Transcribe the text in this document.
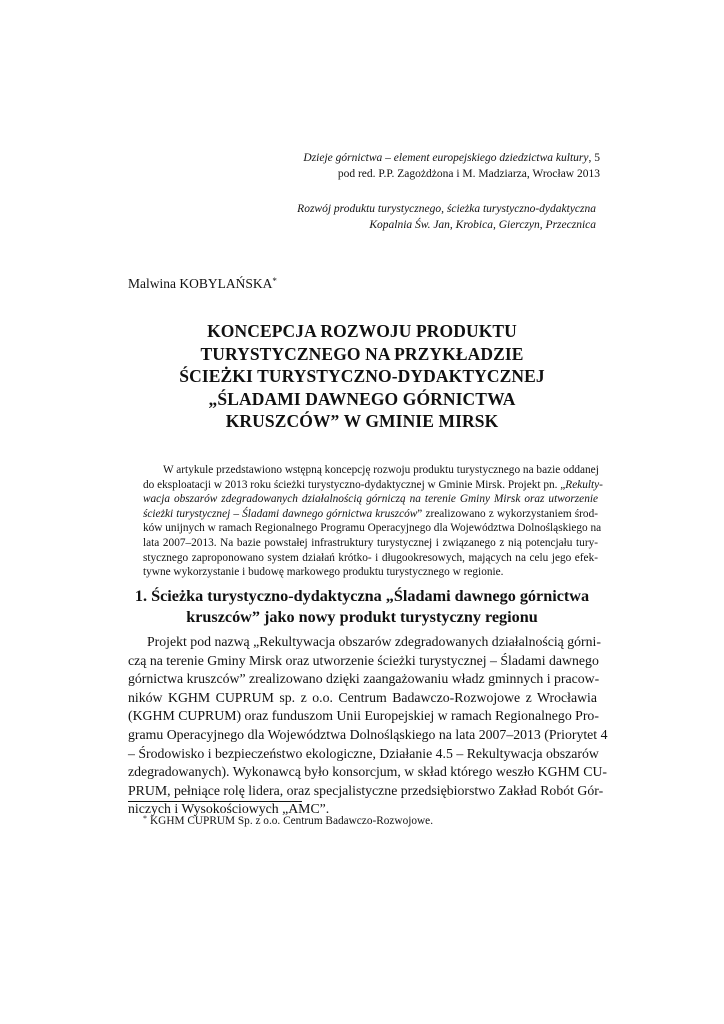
Dzieje górnictwa – element europejskiego dziedzictwa kultury, 5
pod red. P.P. Zagożdżona i M. Madziarza, Wrocław 2013
Rozwój produktu turystycznego, ścieżka turystyczno-dydaktyczna
Kopalnia Św. Jan, Krobica, Gierczyn, Przecznica
Malwina KOBYLAŃSKA*
KONCEPCJA ROZWOJU PRODUKTU
TURYSTYCZNEGO NA PRZYKŁADZIE
ŚCIEŻKI TURYSTYCZNO-DYDAKTYCZNEJ
„ŚLADAMI DAWNEGO GÓRNICTWA
KRUSZCÓW” W GMINIE MIRSK
W artykule przedstawiono wstępną koncepcję rozwoju produktu turystycznego na bazie oddanej
do eksploatacji w 2013 roku ścieżki turystyczno-dydaktycznej w Gminie Mirsk. Projekt pn. „Rekulty-
wacja obszarów zdegradowanych działalnością górniczą na terenie Gminy Mirsk oraz utworzenie
ścieżki turystycznej – Śladami dawnego górnictwa kruszców” zrealizowano z wykorzystaniem środ-
ków unijnych w ramach Regionalnego Programu Operacyjnego dla Województwa Dolnośląskiego na
lata 2007–2013. Na bazie powstałej infrastruktury turystycznej i związanego z nią potencjału tury-
stycznego zaproponowano system działań krótko- i długookresowych, mających na celu jego efek-
tywne wykorzystanie i budowę markowego produktu turystycznego w regionie.
1. Ścieżka turystyczno-dydaktyczna „Śladami dawnego górnictwa
kruszców” jako nowy produkt turystyczny regionu
Projekt pod nazwą „Rekultywacja obszarów zdegradowanych działalnością górni-
czą na terenie Gminy Mirsk oraz utworzenie ścieżki turystycznej – Śladami dawnego
górnictwa kruszców” zrealizowano dzięki zaangażowaniu władz gminnych i pracow-
ników KGHM CUPRUM sp. z o.o. Centrum Badawczo-Rozwojowe z Wrocławia
(KGHM CUPRUM) oraz funduszom Unii Europejskiej w ramach Regionalnego Pro-
gramu Operacyjnego dla Województwa Dolnośląskiego na lata 2007–2013 (Priorytet 4
– Środowisko i bezpieczeństwo ekologiczne, Działanie 4.5 – Rekultywacja obszarów
zdegradowanych). Wykonawcą było konsorcjum, w skład którego weszło KGHM CU-
PRUM, pełniące rolę lidera, oraz specjalistyczne przedsiębiorstwo Zakład Robót Gór-
niczych i Wysokościowych „AMC”.
* KGHM CUPRUM Sp. z o.o. Centrum Badawczo-Rozwojowe.
